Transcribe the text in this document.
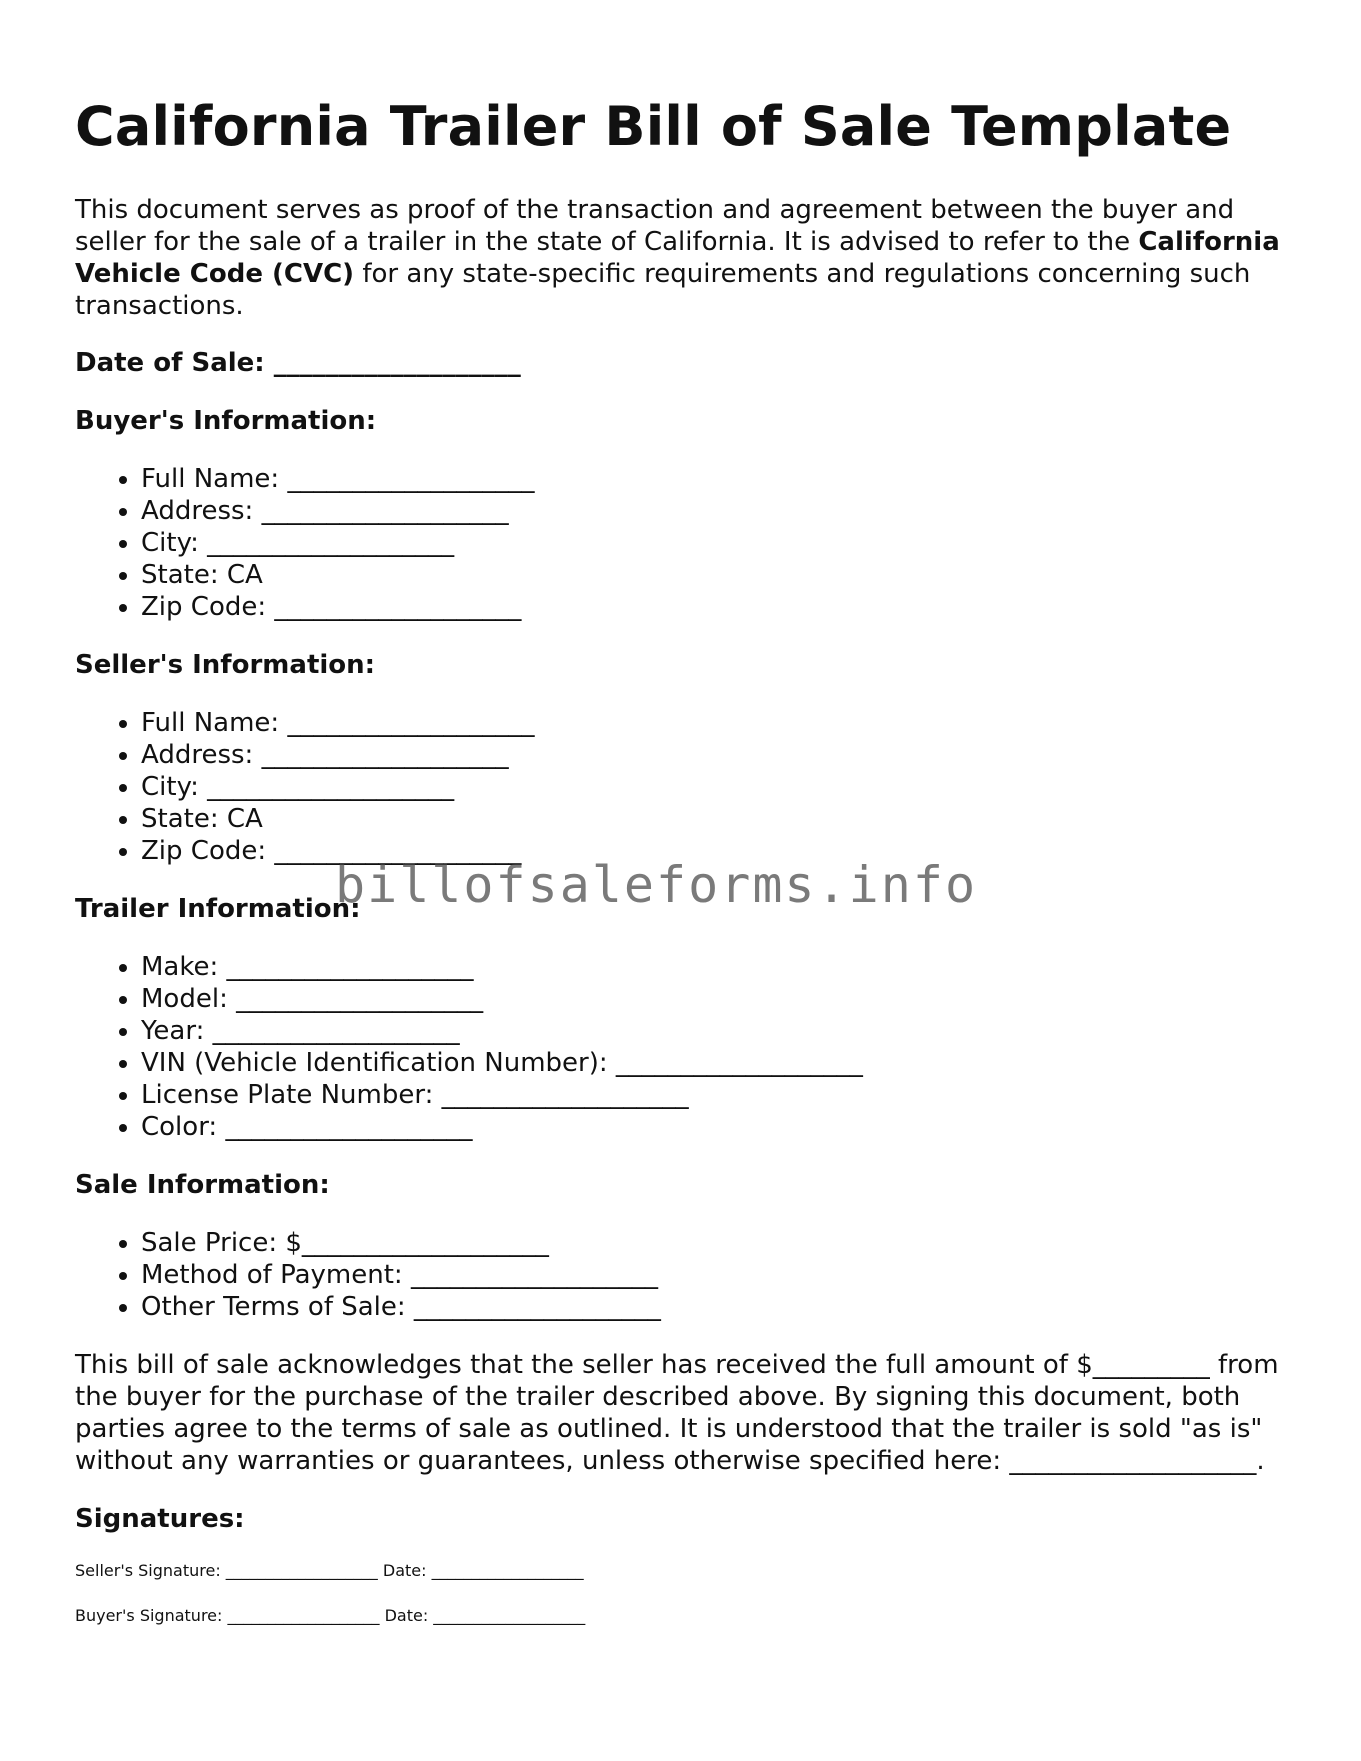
California Trailer Bill of Sale Template

This document serves as proof of the transaction and agreement between the buyer and seller for the sale of a trailer in the state of California. It is advised to refer to the California Vehicle Code (CVC) for any state-specific requirements and regulations concerning such transactions.

Date of Sale: ___________________
Buyer's Information:
• Full Name: ___________________
• Address: ___________________
• City: ___________________
• State: CA
• Zip Code: ___________________
Seller's Information:
• Full Name: ___________________
• Address: ___________________
• City: ___________________
• State: CA
• Zip Code: ___________________
Trailer Information:
• Make: ___________________
• Model: ___________________
• Year: ___________________
• VIN (Vehicle Identification Number): ___________________
• License Plate Number: ___________________
• Color: ___________________
Sale Information:
• Sale Price: $___________________
• Method of Payment: ___________________
• Other Terms of Sale: ___________________

This bill of sale acknowledges that the seller has received the full amount of $_________ from the buyer for the purchase of the trailer described above. By signing this document, both parties agree to the terms of sale as outlined. It is understood that the trailer is sold "as is" without any warranties or guarantees, unless otherwise specified here: ___________________.

Signatures:
Seller's Signature: ___________________ Date: ___________________
Buyer's Signature: ___________________ Date: ___________________
billofsaleforms.info
